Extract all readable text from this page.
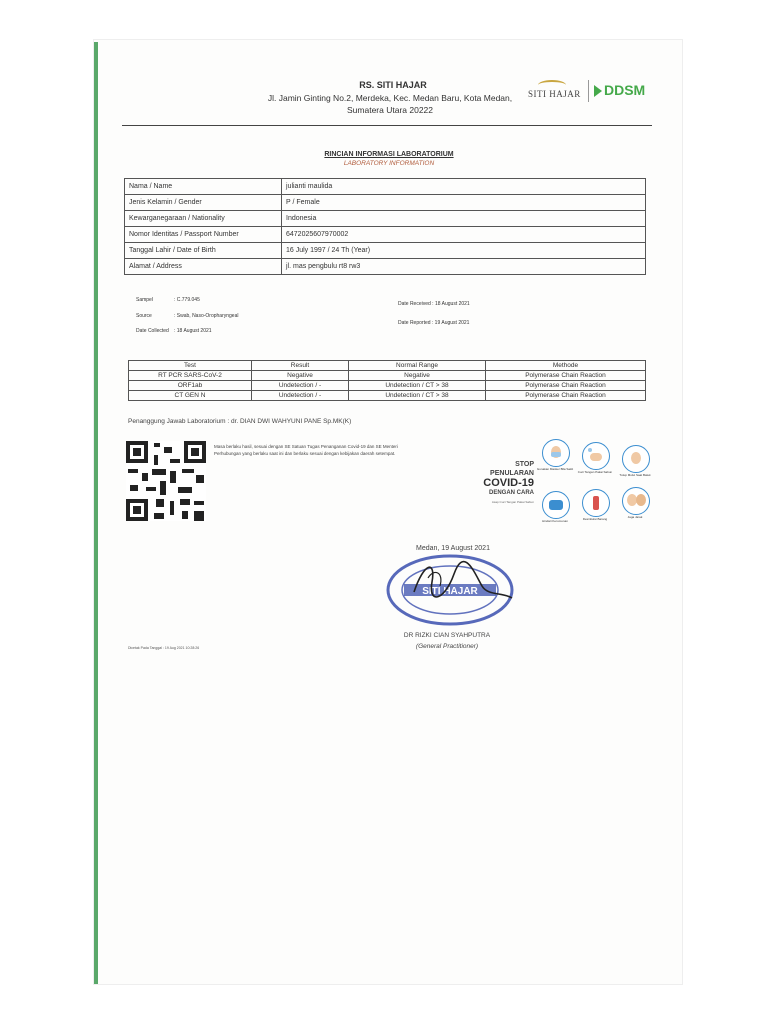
RS. SITI HAJAR
Jl. Jamin Ginting No.2, Merdeka, Kec. Medan Baru, Kota Medan,
Sumatera Utara 20222
SITI HAJAR DDSM
RINCIAN INFORMASI LABORATORIUM
LABORATORY INFORMATION
Nama / Name	julianti maulida
Jenis Kelamin / Gender	P / Female
Kewarganegaraan / Nationality	Indonesia
Nomor Identitas / Passport Number	6472025607970002
Tanggal Lahir / Date of Birth	16 July 1997 / 24 Th (Year)
Alamat / Address	jl. mas pengbulu rt8 rw3
Sampel	: C.779.045
Source	: Swab, Naso-Oropharyngeal
Date Collected : 18 August 2021
Date Received : 18 August 2021
Date Reported : 19 August 2021
Test	Result	Normal Range	Methode
RT PCR SARS-CoV-2	Negative	Negative	Polymerase Chain Reaction
ORF1ab	Undetection / -	Undetection / CT > 38	Polymerase Chain Reaction
CT GEN N	Undetection / -	Undetection / CT > 38	Polymerase Chain Reaction
Penanggung Jawab Laboratorium : dr. DIAN DWI WAHYUNI PANE Sp.MK(K)
Masa berlaku hasil, sesuai dengan SE Satuan Tugas Penanganan Covid-19 dan SE Menteri Perhubungan yang berlaku saat ini dan berlaku sesuai dengan kebijakan daerah setempat.
STOP
PENULARAN
COVID-19
DENGAN CARA
Asap Cuci Tangan Pakai Sabun
Gunakan Masker Bila Sakit
Cuci Tangan Pakai Sabun
Tutup Mulut Saat Batuk
Hindari Kerumunan	Desinfeksi Barang	Jaga Jarak
Medan, 19 August 2021
SITI HAJAR
DR RIZKI CIAN SYAHPUTRA
(General Practitioner)
Dicetak Pada Tanggal : 19 Aug 2021 10:28:26
